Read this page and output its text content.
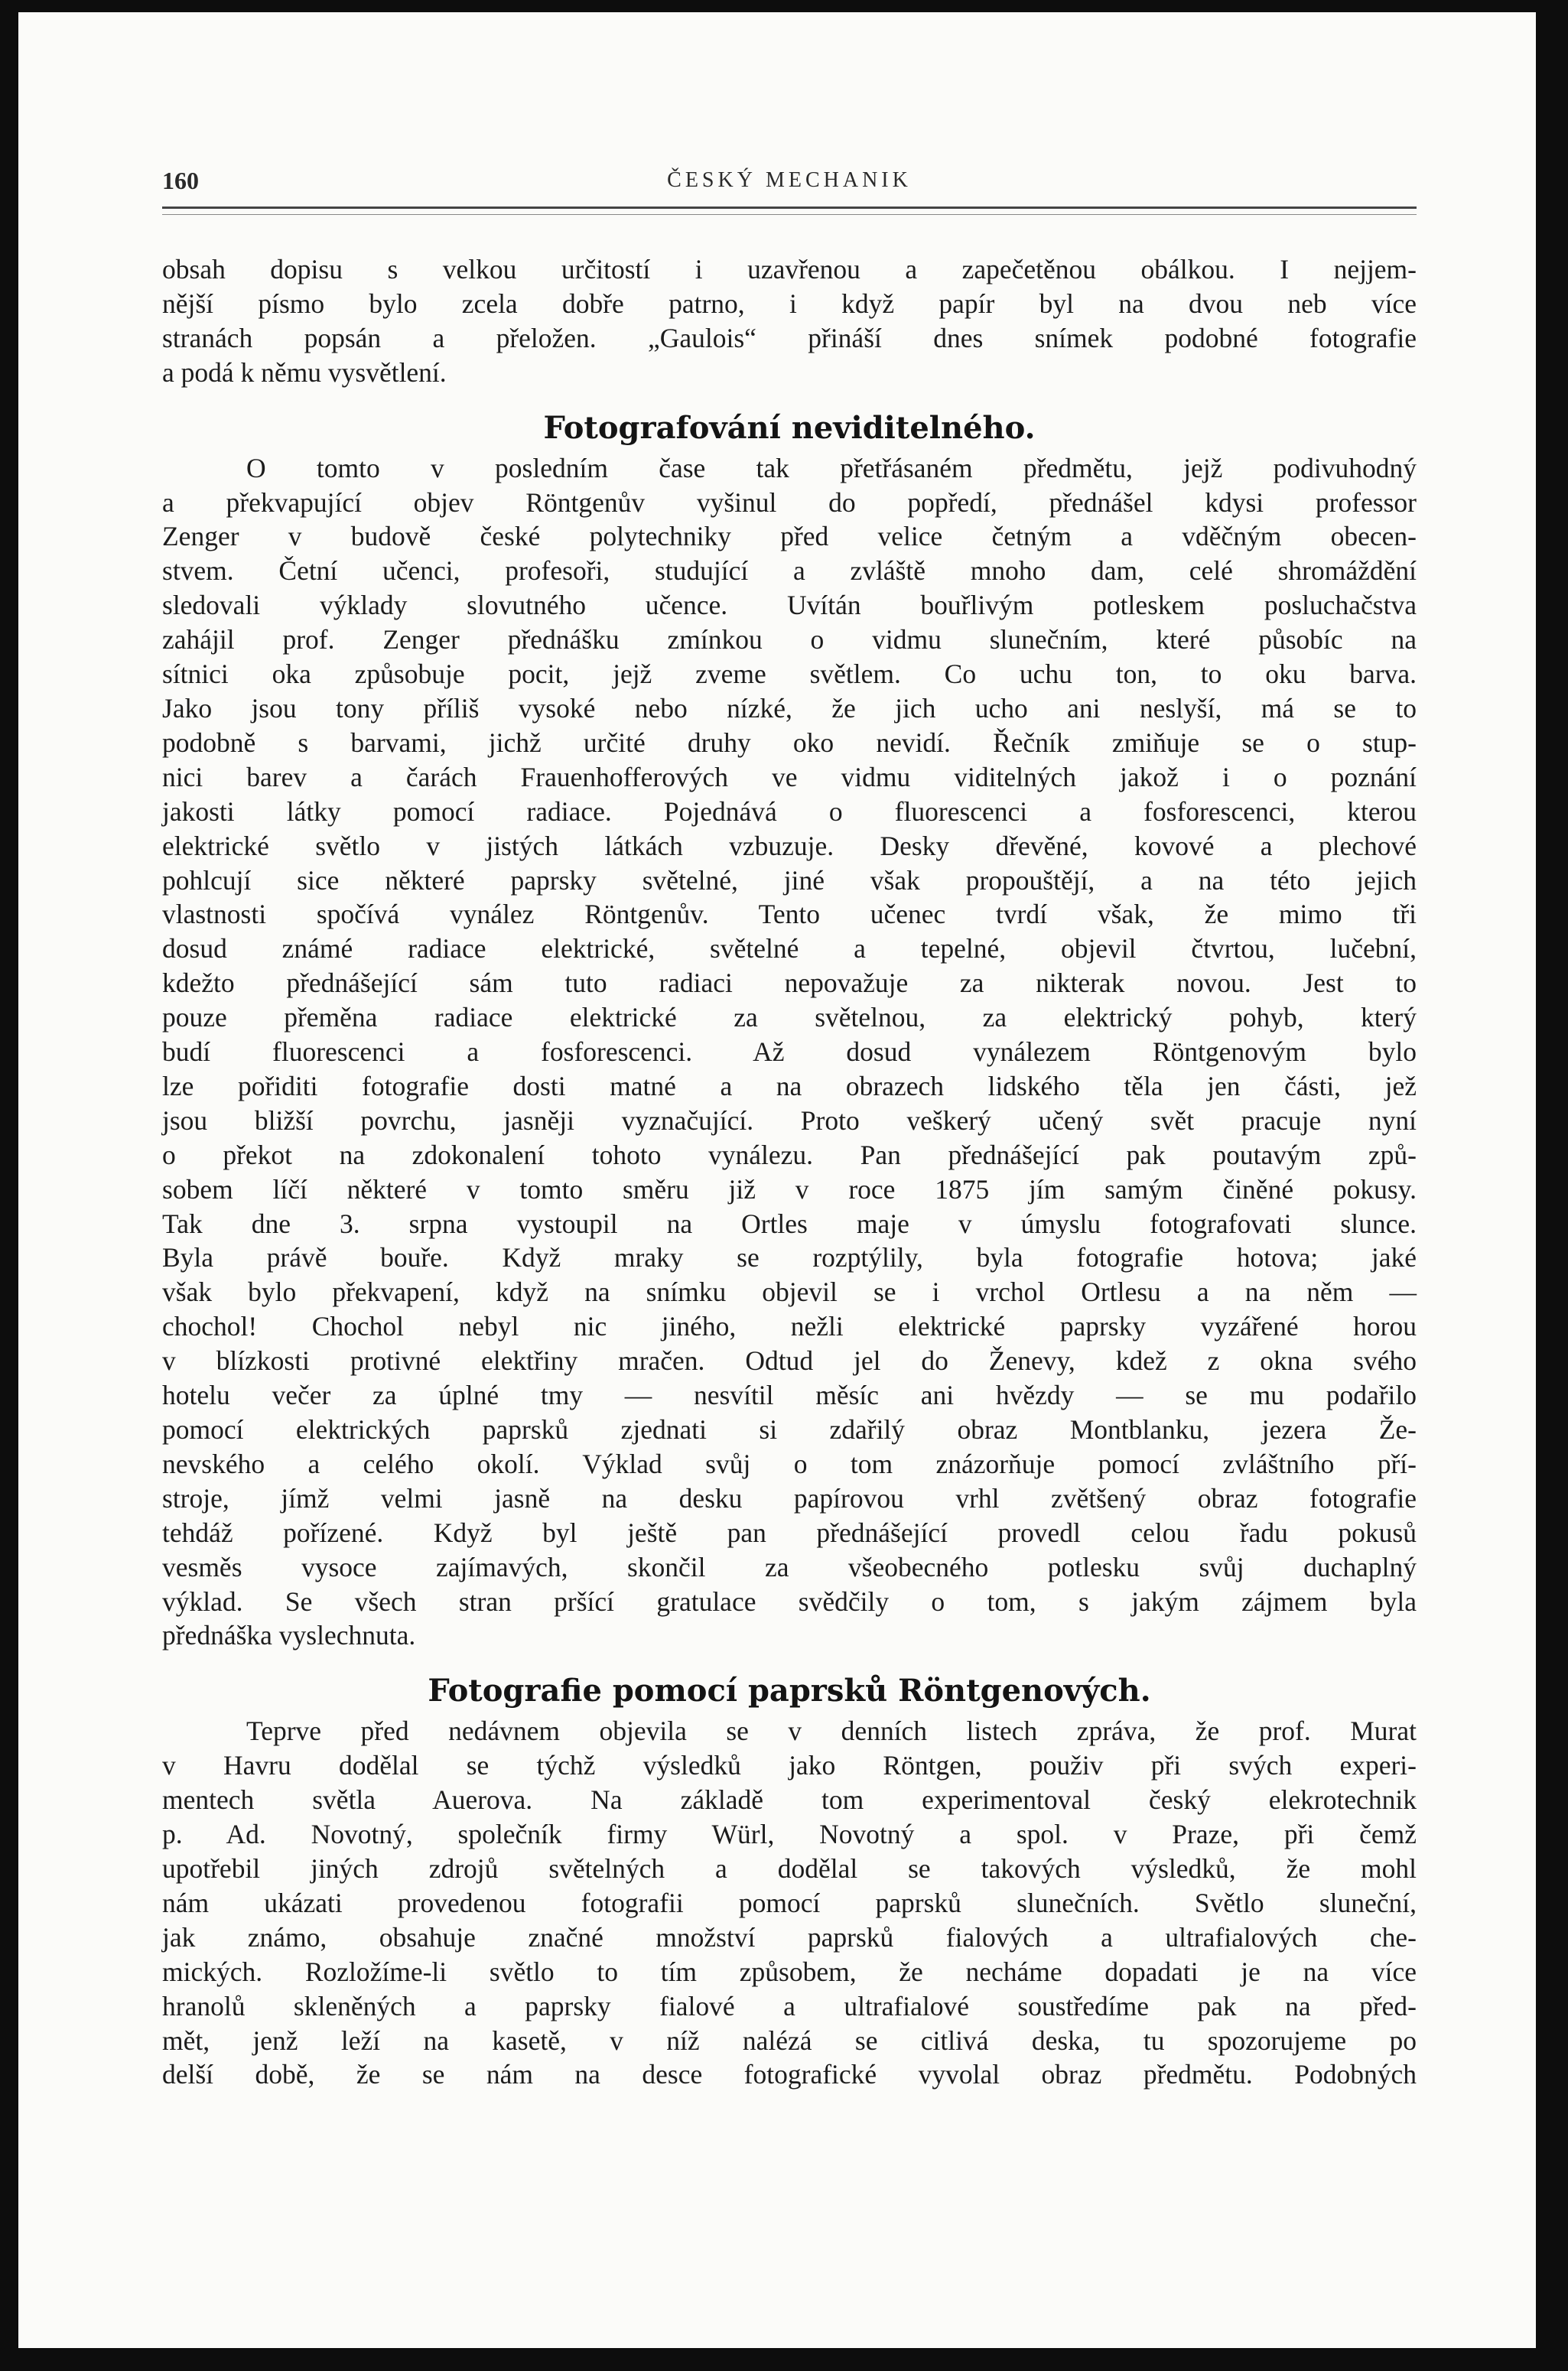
160	ČESKÝ MECHANIK

obsah dopisu s velkou určitostí i uzavřenou a zapečetěnou obálkou. I nejjem-
nější písmo bylo zcela dobře patrno, i když papír byl na dvou neb více
stranách popsán a přeložen. „Gaulois“ přináší dnes snímek podobné fotografie
a podá k němu vysvětlení.

Fotografování neviditelného.

O tomto v posledním čase tak přetřásaném předmětu, jejž podivuhodný
a překvapující objev Röntgenův vyšinul do popředí, přednášel kdysi professor
Zenger v budově české polytechniky před velice četným a vděčným obecen-
stvem. Četní učenci, profesoři, studující a zvláště mnoho dam, celé shromáždění
sledovali výklady slovutného učence. Uvítán bouřlivým potleskem posluchačstva
zahájil prof. Zenger přednášku zmínkou o vidmu slunečním, které působíc na
sítnici oka způsobuje pocit, jejž zveme světlem. Co uchu ton, to oku barva.
Jako jsou tony příliš vysoké nebo nízké, že jich ucho ani neslyší, má se to
podobně s barvami, jichž určité druhy oko nevidí. Řečník zmiňuje se o stup-
nici barev a čarách Frauenhofferových ve vidmu viditelných jakož i o poznání
jakosti látky pomocí radiace. Pojednává o fluorescenci a fosforescenci, kterou
elektrické světlo v jistých látkách vzbuzuje. Desky dřevěné, kovové a plechové
pohlcují sice některé paprsky světelné, jiné však propouštějí, a na této jejich
vlastnosti spočívá vynález Röntgenův. Tento učenec tvrdí však, že mimo tři
dosud známé radiace elektrické, světelné a tepelné, objevil čtvrtou, lučební,
kdežto přednášející sám tuto radiaci nepovažuje za nikterak novou. Jest to
pouze přeměna radiace elektrické za světelnou, za elektrický pohyb, který
budí fluorescenci a fosforescenci. Až dosud vynálezem Röntgenovým bylo
lze pořiditi fotografie dosti matné a na obrazech lidského těla jen části, jež
jsou bližší povrchu, jasněji vyznačující. Proto veškerý učený svět pracuje nyní
o překot na zdokonalení tohoto vynálezu. Pan přednášející pak poutavým způ-
sobem líčí některé v tomto směru již v roce 1875 jím samým činěné pokusy.
Tak dne 3. srpna vystoupil na Ortles maje v úmyslu fotografovati slunce.
Byla právě bouře. Když mraky se rozptýlily, byla fotografie hotova; jaké
však bylo překvapení, když na snímku objevil se i vrchol Ortlesu a na něm —
chochol! Chochol nebyl nic jiného, nežli elektrické paprsky vyzářené horou
v blízkosti protivné elektřiny mračen. Odtud jel do Ženevy, kdež z okna svého
hotelu večer za úplné tmy — nesvítil měsíc ani hvězdy — se mu podařilo
pomocí elektrických paprsků zjednati si zdařilý obraz Montblanku, jezera Že-
nevského a celého okolí. Výklad svůj o tom znázorňuje pomocí zvláštního pří-
stroje, jímž velmi jasně na desku papírovou vrhl zvětšený obraz fotografie
tehdáž pořízené. Když byl ještě pan přednášející provedl celou řadu pokusů
vesměs vysoce zajímavých, skončil za všeobecného potlesku svůj duchaplný
výklad. Se všech stran pršící gratulace svědčily o tom, s jakým zájmem byla
přednáška vyslechnuta.

Fotografie pomocí paprsků Röntgenových.

Teprve před nedávnem objevila se v denních listech zpráva, že prof. Murat
v Havru dodělal se týchž výsledků jako Röntgen, použiv při svých experi-
mentech světla Auerova. Na základě tom experimentoval český elekrotechnik
p. Ad. Novotný, společník firmy Würl, Novotný a spol. v Praze, při čemž
upotřebil jiných zdrojů světelných a dodělal se takových výsledků, že mohl
nám ukázati provedenou fotografii pomocí paprsků slunečních. Světlo sluneční,
jak známo, obsahuje značné množství paprsků fialových a ultrafialových che-
mických. Rozložíme-li světlo to tím způsobem, že necháme dopadati je na více
hranolů skleněných a paprsky fialové a ultrafialové soustředíme pak na před-
mět, jenž leží na kasetě, v níž nalézá se citlivá deska, tu spozorujeme po
delší době, že se nám na desce fotografické vyvolal obraz předmětu. Podobných
